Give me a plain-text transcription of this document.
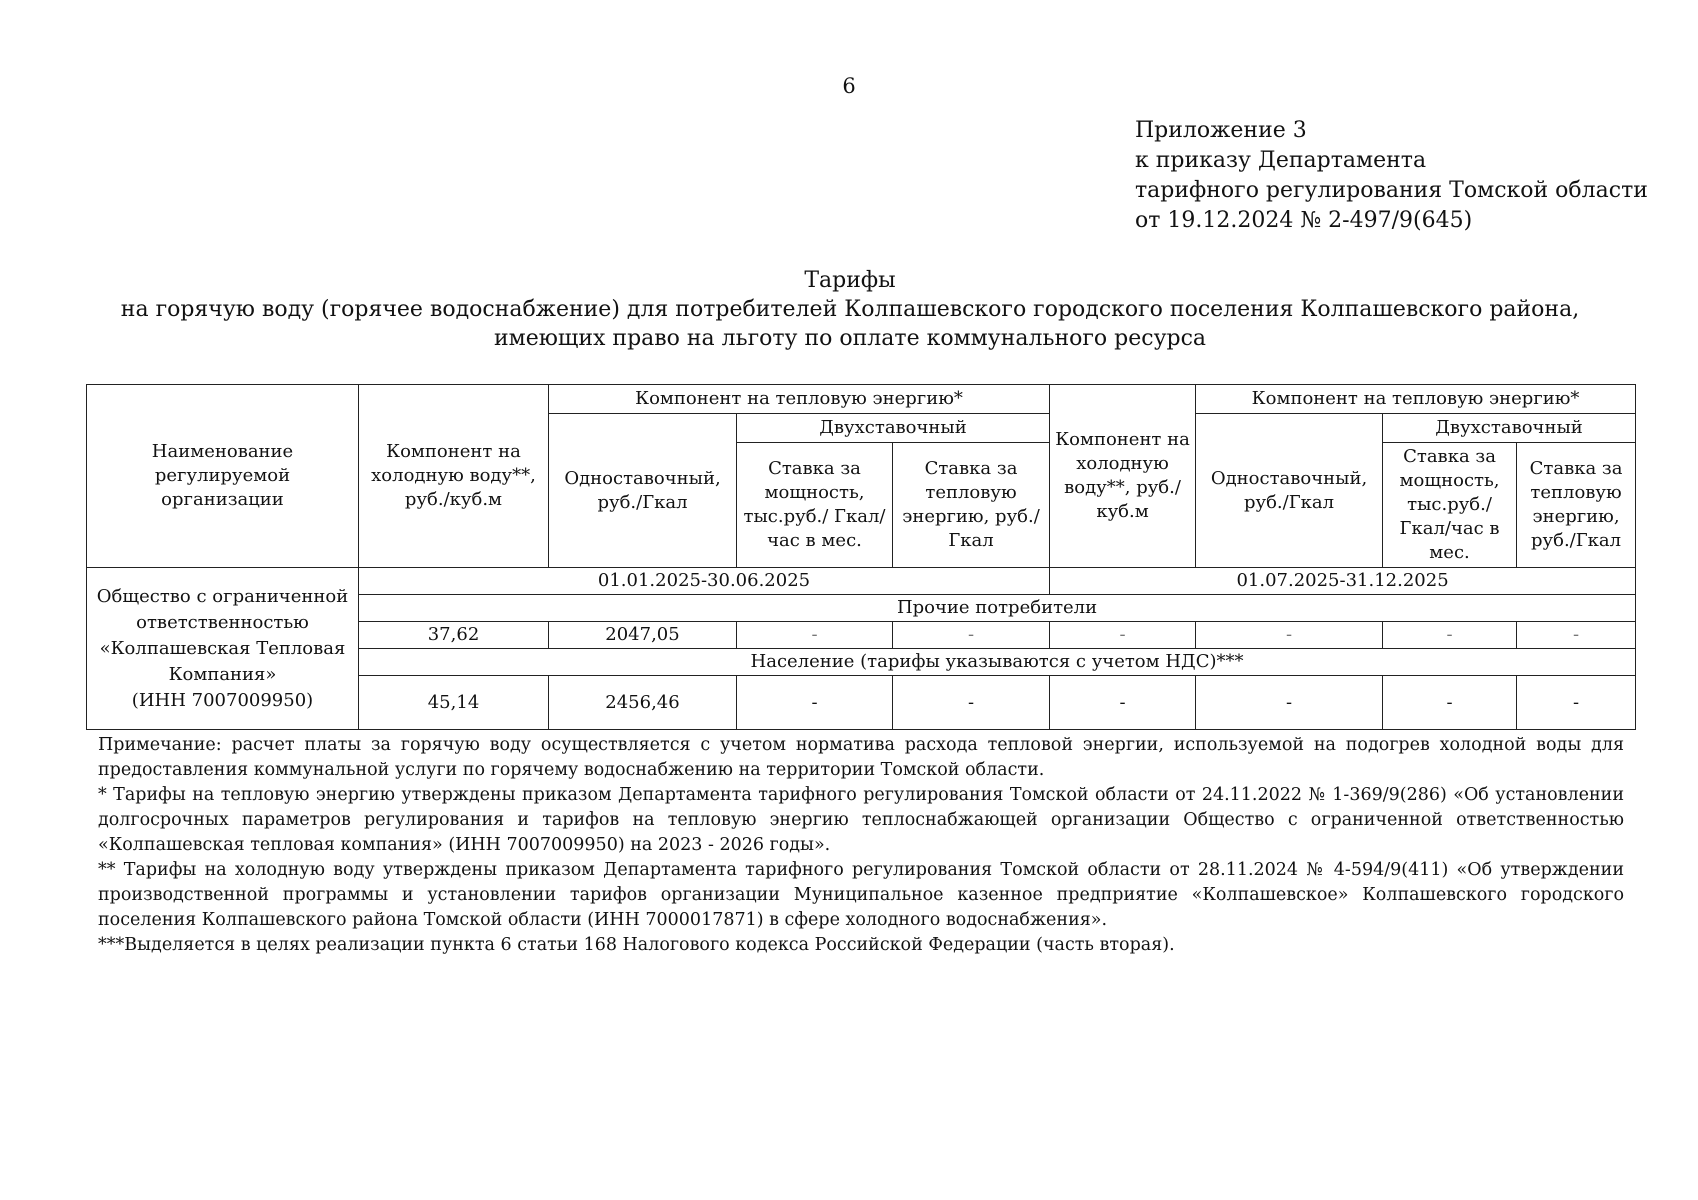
6
Приложение 3
к приказу Департамента
тарифного регулирования Томской области
от 19.12.2024 № 2-497/9(645)
Тарифы
на горячую воду (горячее водоснабжение) для потребителей Колпашевского городского поселения Колпашевского района,
имеющих право на льготу по оплате коммунального ресурса
Наименование регулируемой организации	Компонент на холодную воду**, руб./куб.м	Компонент на тепловую энергию*			Компонент на холодную воду**, руб./куб.м	Компонент на тепловую энергию*		
		Одноставочный, руб./Гкал	Двухставочный			Одноставочный, руб./Гкал	Двухставочный	
			Ставка за мощность, тыс.руб./ Гкал/час в мес.	Ставка за тепловую энергию, руб./Гкал			Ставка за мощность, тыс.руб./ Гкал/час в мес.	Ставка за тепловую энергию, руб./Гкал

Общество с ограниченной ответственностью
«Колпашевская Тепловая Компания»
(ИНН 7007009950)	01.01.2025-30.06.2025				01.07.2025-31.12.2025			
	Прочие потребители							
	37,62	2047,05	-	-	-	-	-	-
	Население (тарифы указываются с учетом НДС)***							
	45,14	2456,46	-	-	-	-	-	-

Примечание: расчет платы за горячую воду осуществляется с учетом норматива расхода тепловой энергии, используемой на подогрев холодной воды для предоставления коммунальной услуги по горячему водоснабжению на территории Томской области.

* Тарифы на тепловую энергию утверждены приказом Департамента тарифного регулирования Томской области от 24.11.2022 № 1-369/9(286) «Об установлении долгосрочных параметров регулирования и тарифов на тепловую энергию теплоснабжающей организации Общество с ограниченной ответственностью «Колпашевская тепловая компания» (ИНН 7007009950) на 2023 - 2026 годы».

** Тарифы на холодную воду утверждены приказом Департамента тарифного регулирования Томской области от 28.11.2024 № 4-594/9(411) «Об утверждении производственной программы и установлении тарифов организации Муниципальное казенное предприятие «Колпашевское» Колпашевского городского поселения Колпашевского района Томской области (ИНН 7000017871) в сфере холодного водоснабжения».

***Выделяется в целях реализации пункта 6 статьи 168 Налогового кодекса Российской Федерации (часть вторая).
